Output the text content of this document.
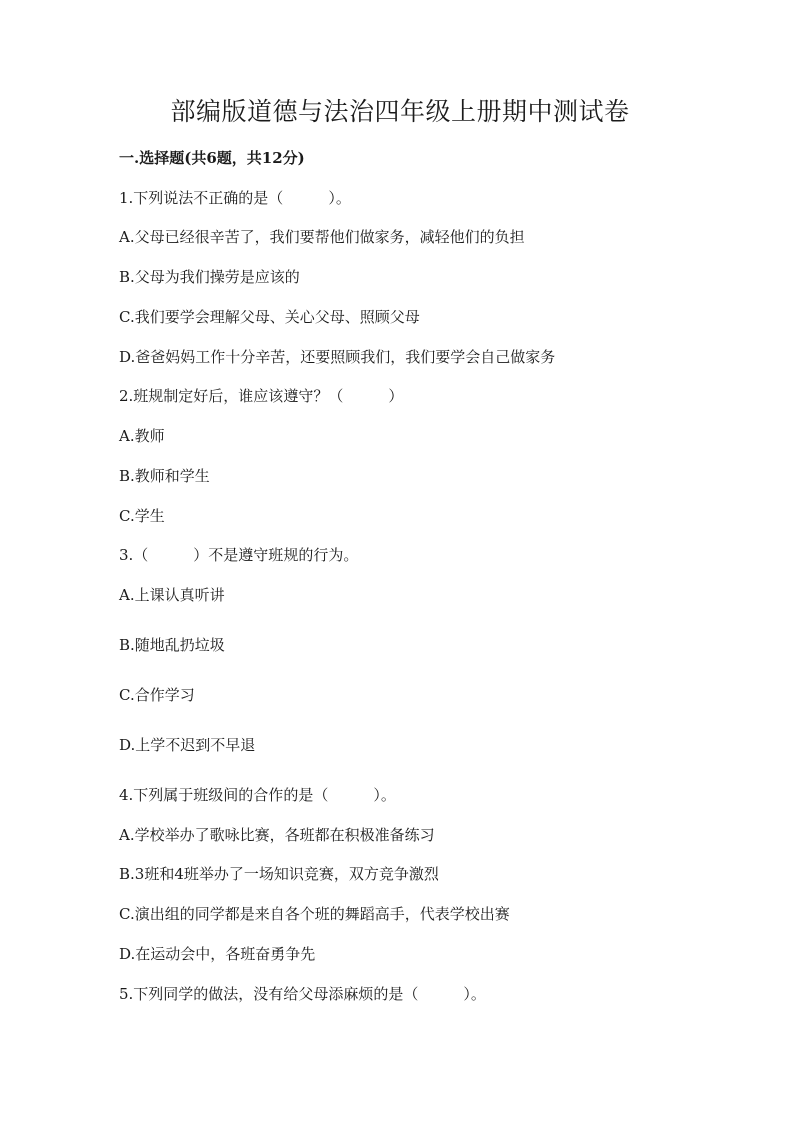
部编版道德与法治四年级上册期中测试卷
一.选择题(共6题，共12分)
1.下列说法不正确的是（　　　）。
A.父母已经很辛苦了，我们要帮他们做家务，减轻他们的负担
B.父母为我们操劳是应该的
C.我们要学会理解父母、关心父母、照顾父母
D.爸爸妈妈工作十分辛苦，还要照顾我们，我们要学会自己做家务
2.班规制定好后，谁应该遵守？（　　　）
A.教师
B.教师和学生
C.学生
3.（　　　）不是遵守班规的行为。
A.上课认真听讲
B.随地乱扔垃圾
C.合作学习
D.上学不迟到不早退
4.下列属于班级间的合作的是（　　　）。
A.学校举办了歌咏比赛，各班都在积极准备练习
B.3班和4班举办了一场知识竞赛，双方竞争激烈
C.演出组的同学都是来自各个班的舞蹈高手，代表学校出赛
D.在运动会中，各班奋勇争先
5.下列同学的做法，没有给父母添麻烦的是（　　　）。
